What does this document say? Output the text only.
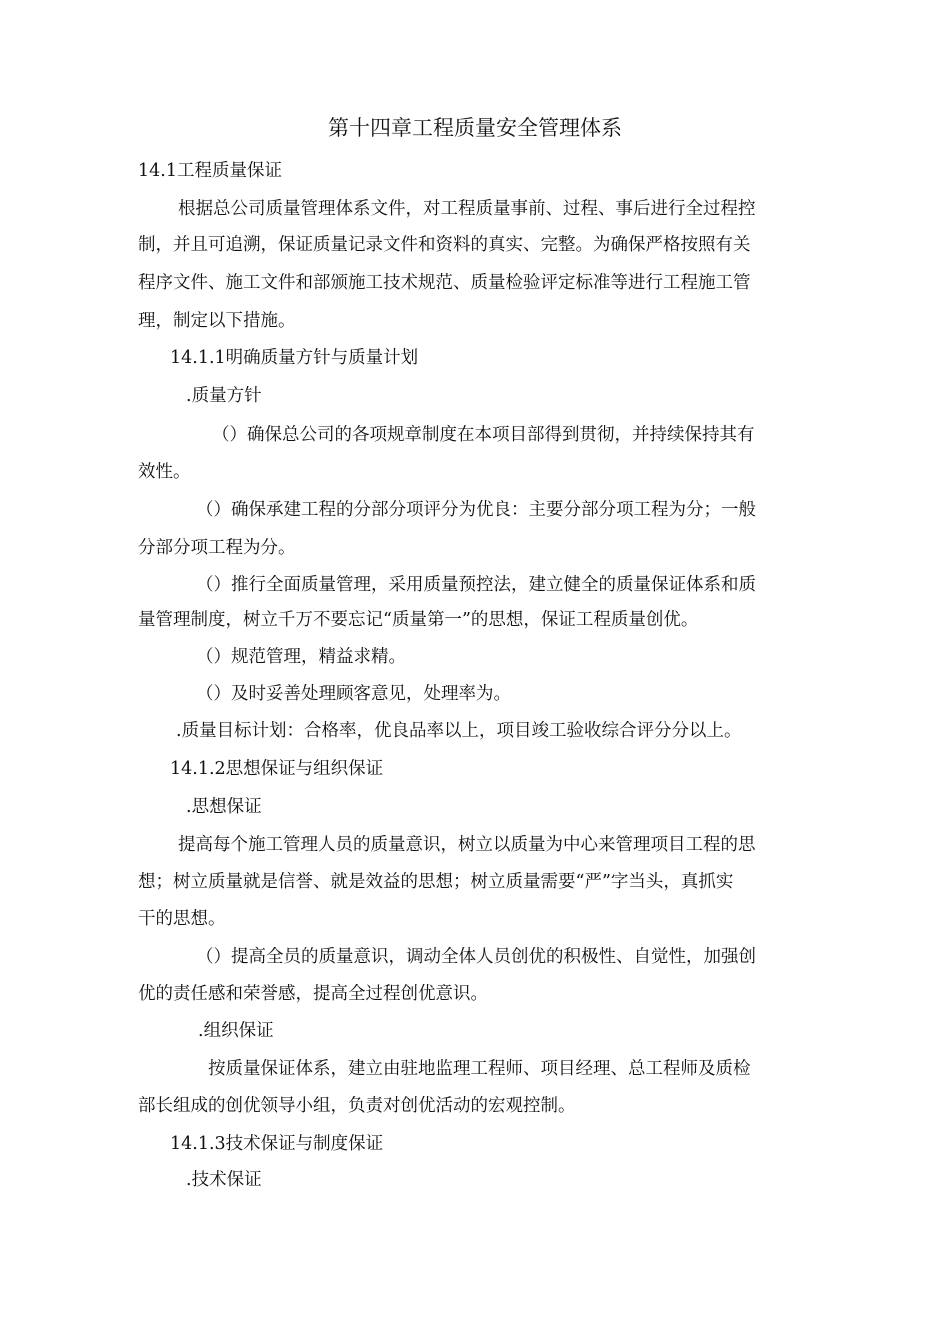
第十四章工程质量安全管理体系
14.1工程质量保证
根据总公司质量管理体系文件，对工程质量事前、过程、事后进行全过程控
制，并且可追溯，保证质量记录文件和资料的真实、完整。为确保严格按照有关
程序文件、施工文件和部颁施工技术规范、质量检验评定标准等进行工程施工管
理，制定以下措施。
14.1.1明确质量方针与质量计划
.质量方针
（）确保总公司的各项规章制度在本项目部得到贯彻，并持续保持其有
效性。
（）确保承建工程的分部分项评分为优良：主要分部分项工程为分；一般
分部分项工程为分。
（）推行全面质量管理，采用质量预控法，建立健全的质量保证体系和质
量管理制度，树立千万不要忘记“质量第一”的思想，保证工程质量创优。
（）规范管理，精益求精。
（）及时妥善处理顾客意见，处理率为。
.质量目标计划：合格率，优良品率以上，项目竣工验收综合评分分以上。
14.1.2思想保证与组织保证
.思想保证
提高每个施工管理人员的质量意识，树立以质量为中心来管理项目工程的思
想；树立质量就是信誉、就是效益的思想；树立质量需要“严”字当头，真抓实
干的思想。
（）提高全员的质量意识，调动全体人员创优的积极性、自觉性，加强创
优的责任感和荣誉感，提高全过程创优意识。
.组织保证
按质量保证体系，建立由驻地监理工程师、项目经理、总工程师及质检
部长组成的创优领导小组，负责对创优活动的宏观控制。
14.1.3技术保证与制度保证
.技术保证
